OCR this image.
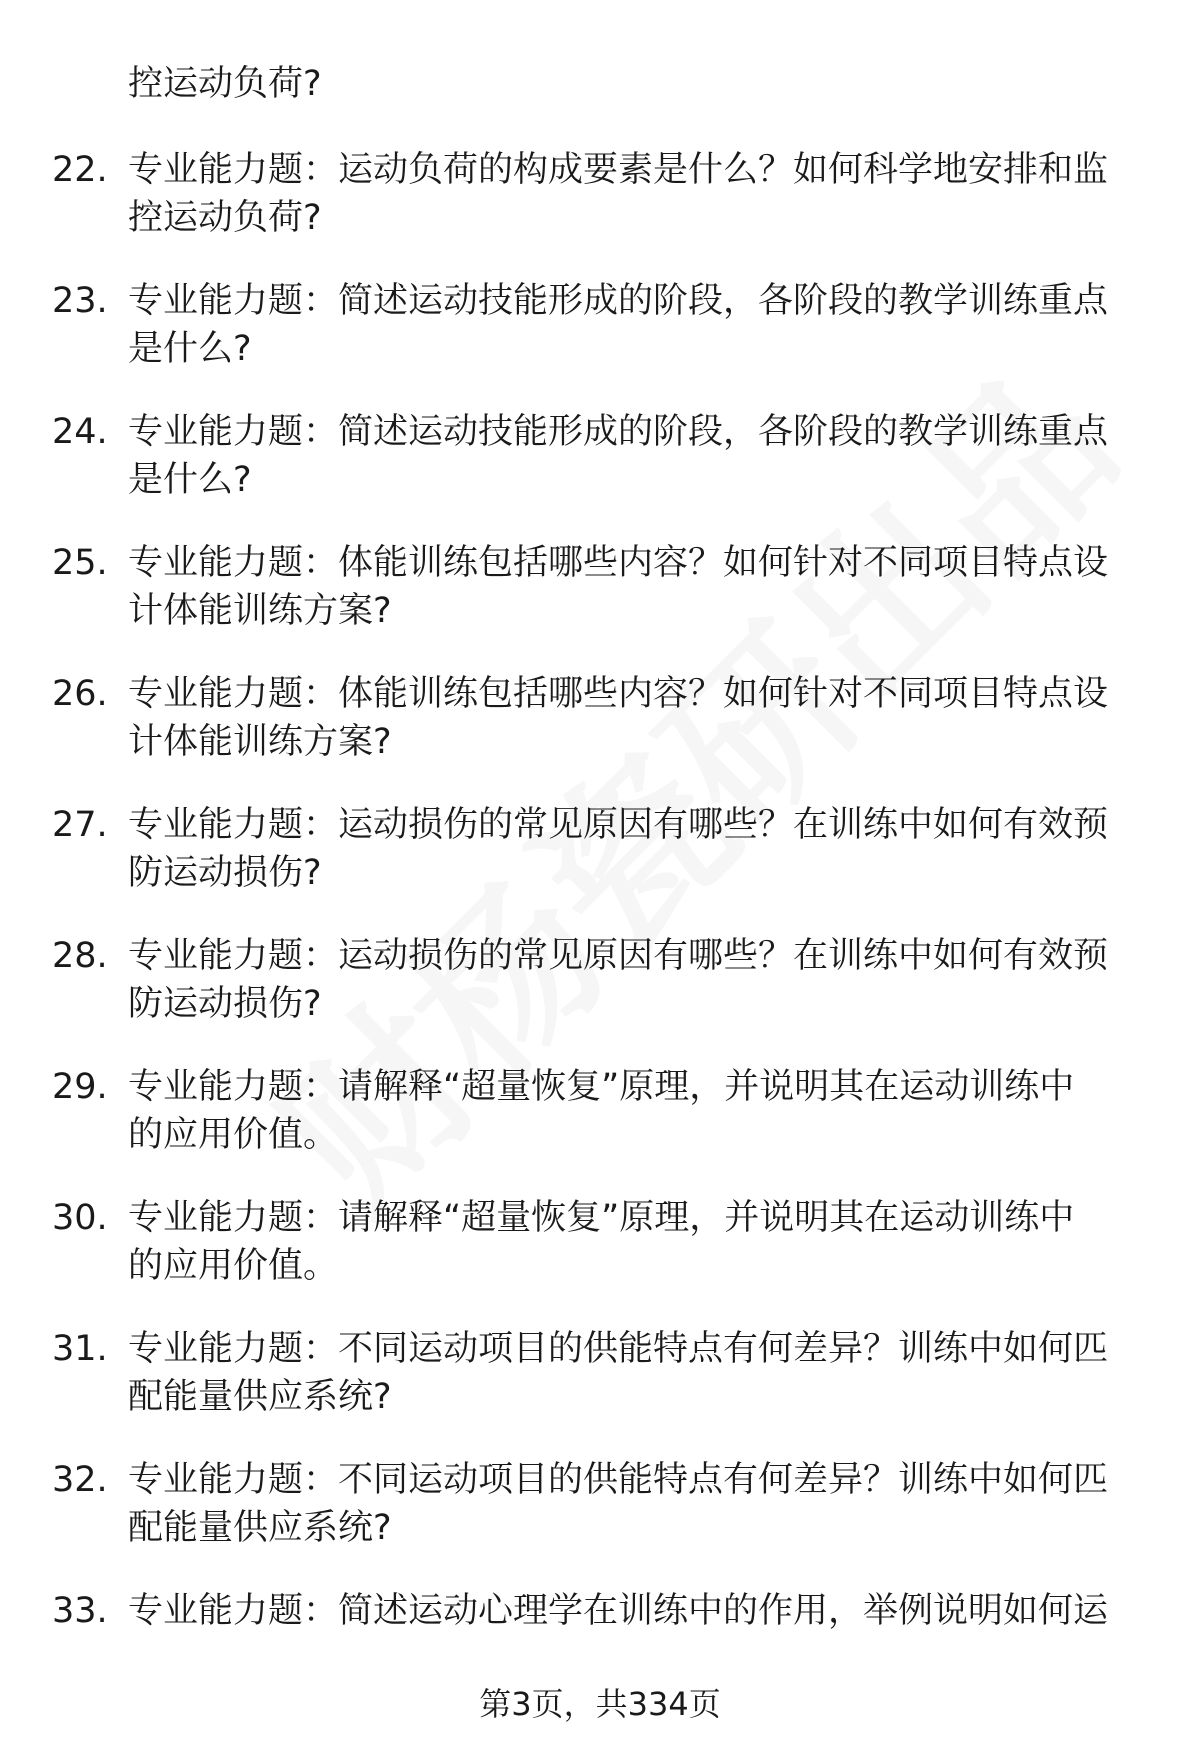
控运动负荷?
22. 专业能力题：运动负荷的构成要素是什么？如何科学地安排和监
控运动负荷?
23. 专业能力题：简述运动技能形成的阶段，各阶段的教学训练重点
是什么?
24. 专业能力题：简述运动技能形成的阶段，各阶段的教学训练重点
是什么?
25. 专业能力题：体能训练包括哪些内容？如何针对不同项目特点设
计体能训练方案?
26. 专业能力题：体能训练包括哪些内容？如何针对不同项目特点设
计体能训练方案?
27. 专业能力题：运动损伤的常见原因有哪些？在训练中如何有效预
防运动损伤?
28. 专业能力题：运动损伤的常见原因有哪些？在训练中如何有效预
防运动损伤?
29. 专业能力题：请解释“超量恢复”原理，并说明其在运动训练中
的应用价值。
30. 专业能力题：请解释“超量恢复”原理，并说明其在运动训练中
的应用价值。
31. 专业能力题：不同运动项目的供能特点有何差异？训练中如何匹
配能量供应系统?
32. 专业能力题：不同运动项目的供能特点有何差异？训练中如何匹
配能量供应系统?
33. 专业能力题：简述运动心理学在训练中的作用，举例说明如何运
第3页，共334页
